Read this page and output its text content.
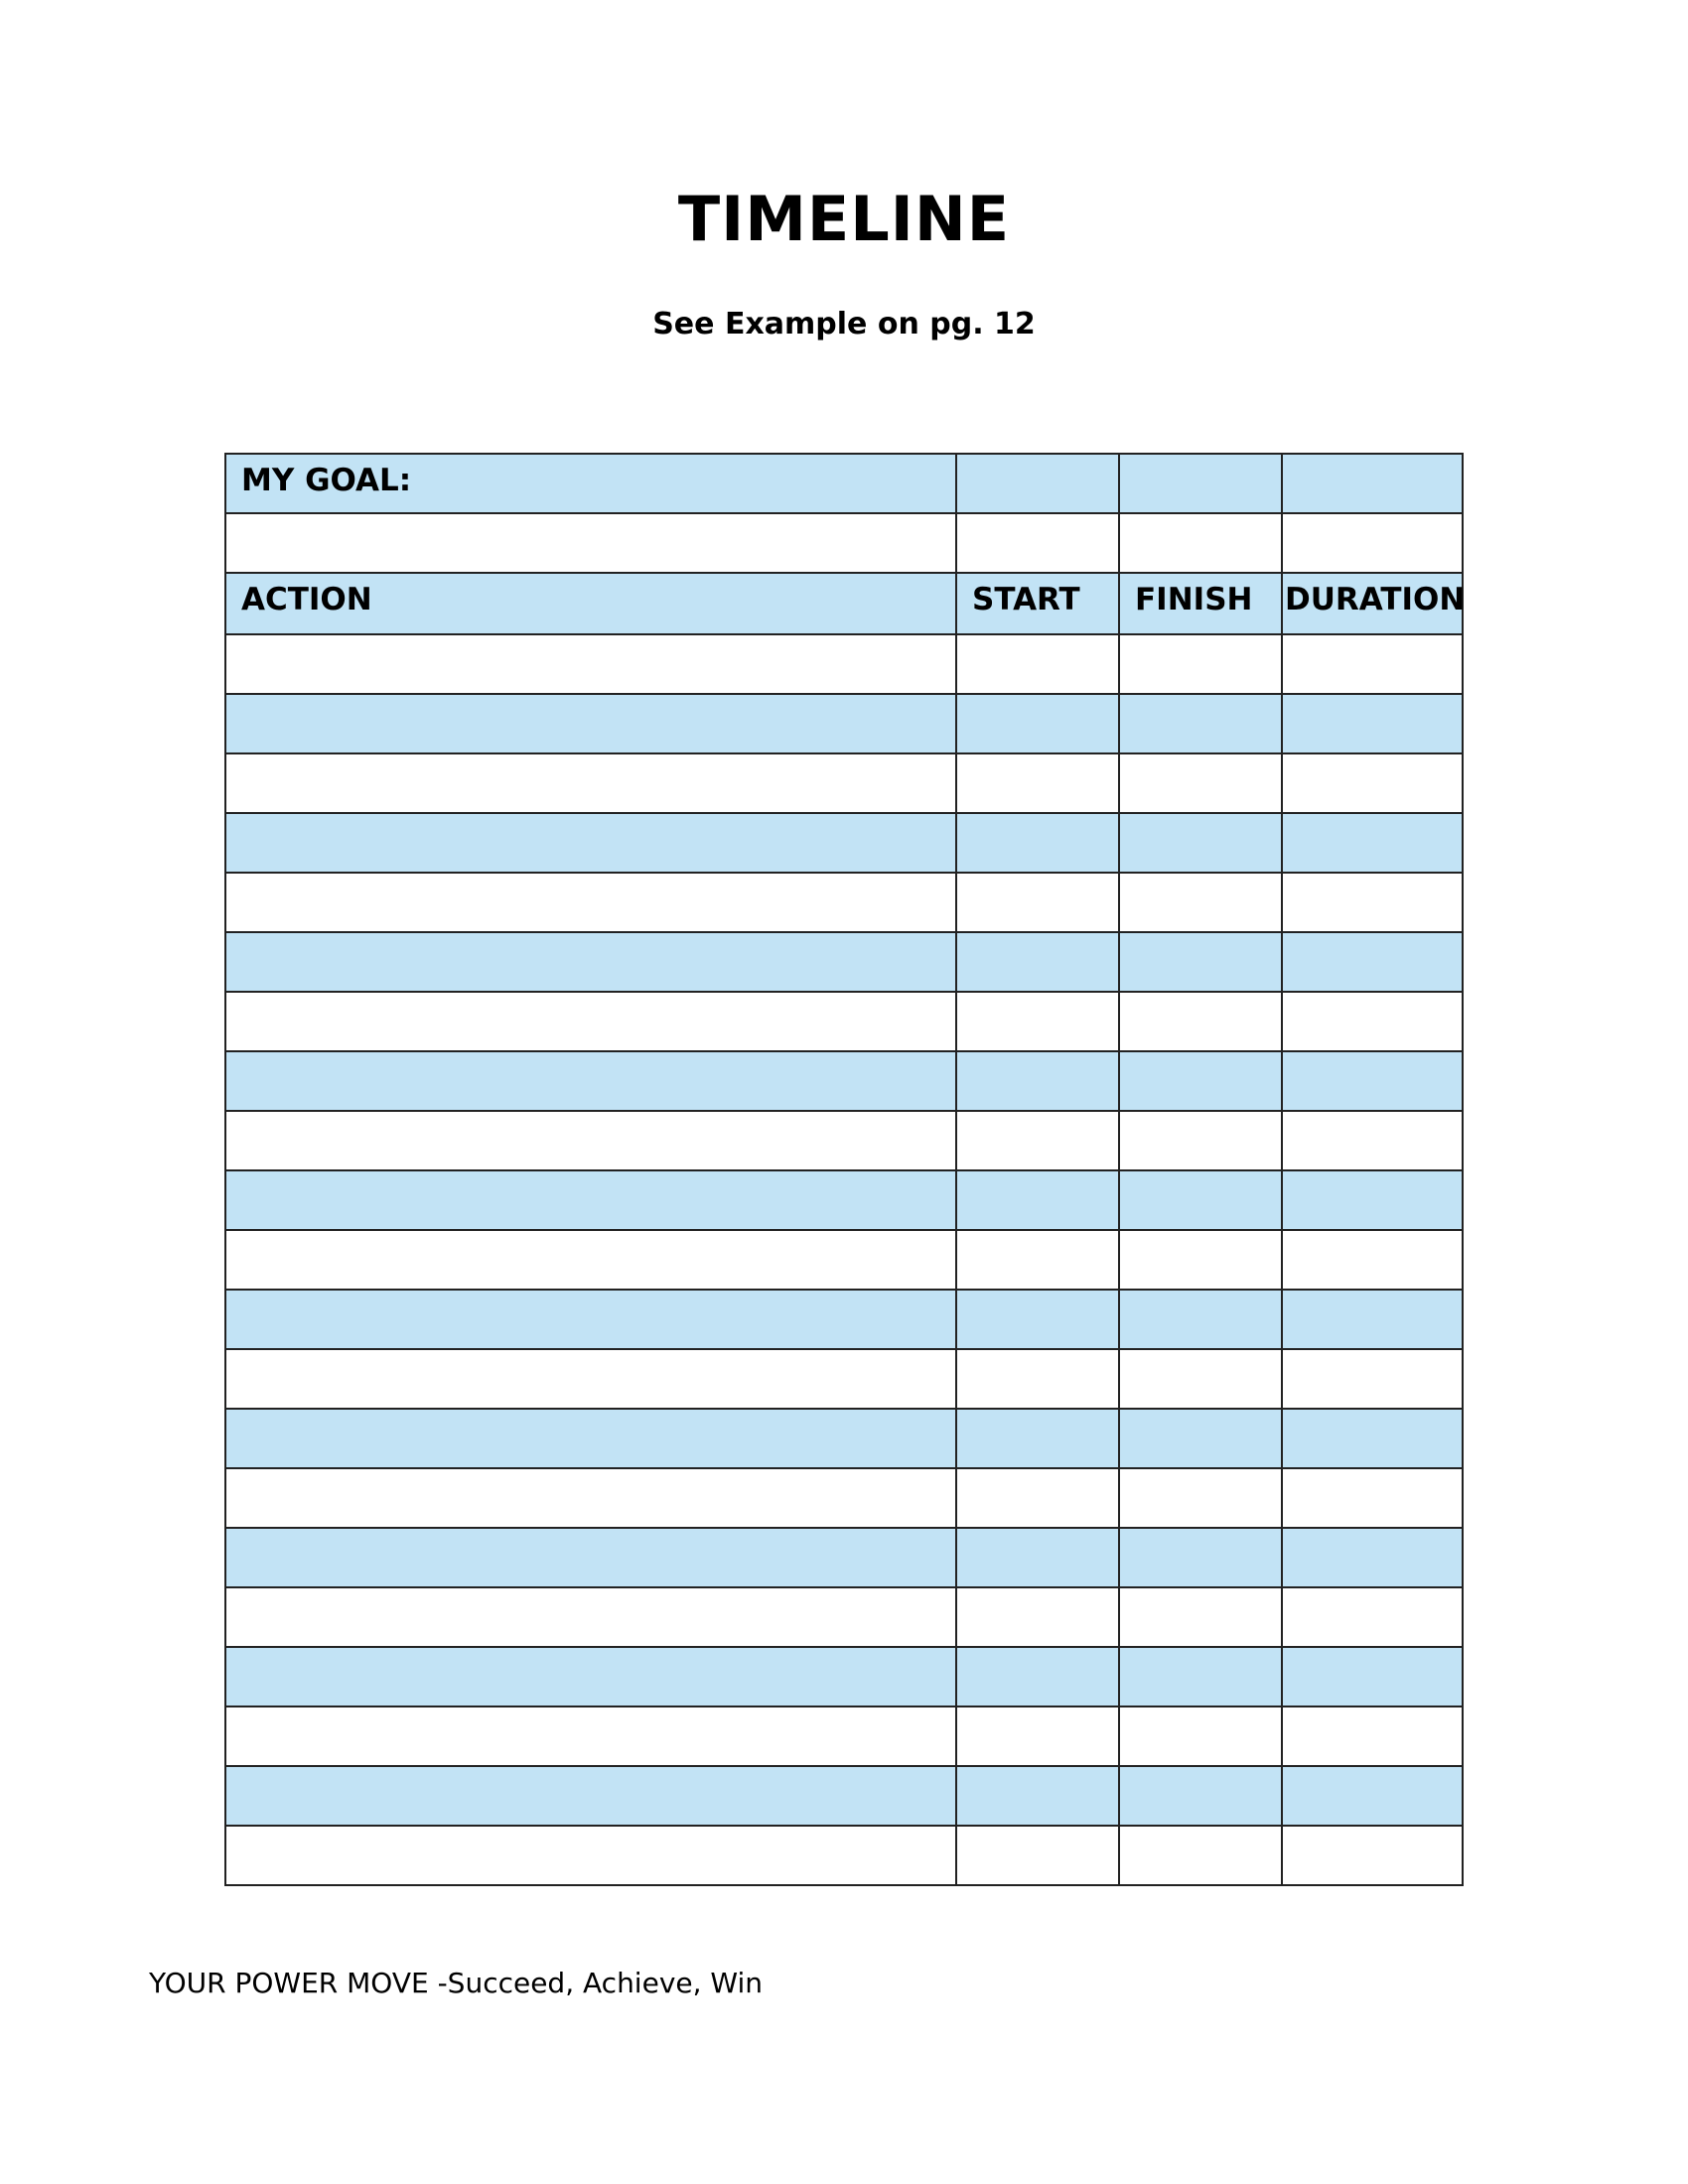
TIMELINE
See Example on pg. 12
MY GOAL:			

ACTION	START	FINISH	DURATION

YOUR POWER MOVE -Succeed, Achieve, Win
